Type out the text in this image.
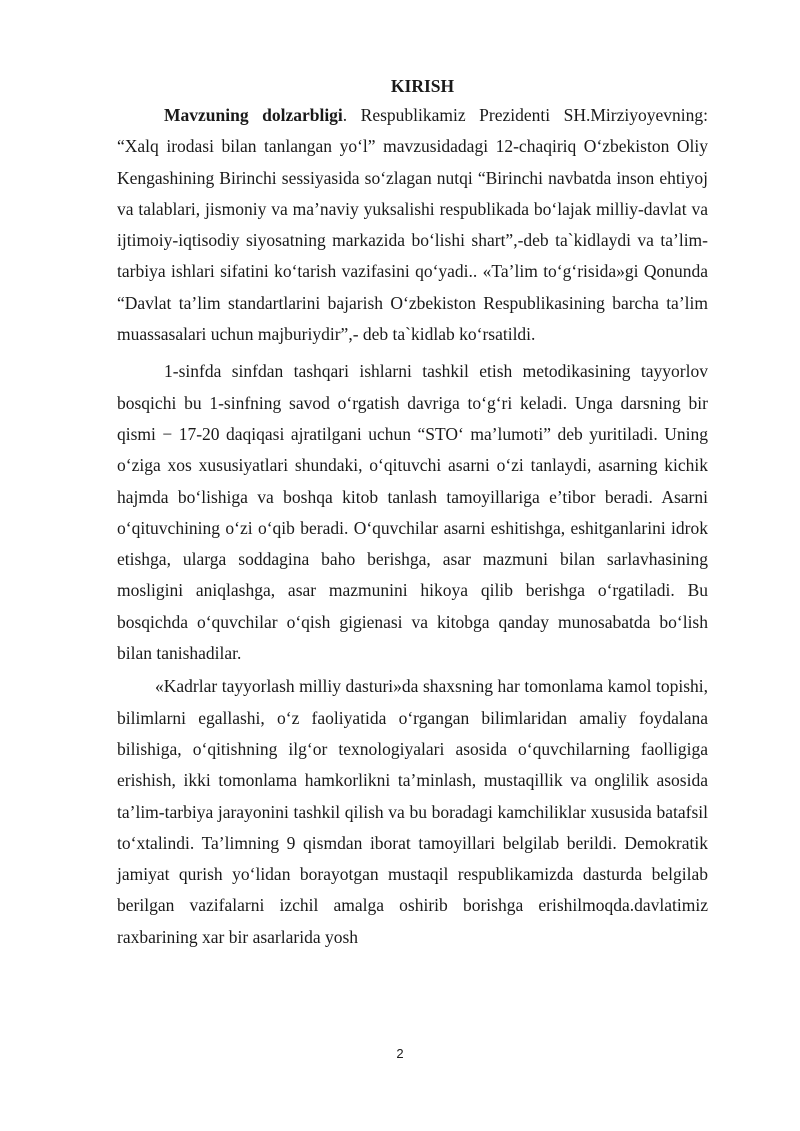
KIRISH

Mavzuning dolzarbligi. Respublikamiz Prezidenti SH.Mirziyoyevning: “Xalq irodasi bilan tanlangan yo‘l” mavzusidadagi 12-chaqiriq O‘zbekiston Oliy Kengashining Birinchi sessiyasida so‘zlagan nutqi “Birinchi navbatda inson ehtiyoj va talablari, jismoniy va ma’naviy yuksalishi respublikada bo‘lajak milliy-davlat va ijtimoiy-iqtisodiy siyosatning markazida bo‘lishi shart”,-deb ta`kidlaydi va ta’lim-tarbiya ishlari sifatini ko‘tarish vazifasini qo‘yadi.. «Ta’lim to‘g‘risida»gi Qonunda “Davlat ta’lim standartlarini bajarish O‘zbekiston Respublikasining barcha ta’lim muassasalari uchun majburiydir”,- deb ta`kidlab ko‘rsatildi.

1-sinfda sinfdan tashqari ishlarni tashkil etish metodikasining tayyorlov bosqichi bu 1-sinfning savod o‘rgatish davriga to‘g‘ri keladi. Unga darsning bir qismi − 17-20 daqiqasi ajratilgani uchun “STO‘ ma’lumoti” deb yuritiladi. Uning o‘ziga xos xususiyatlari shundaki, o‘qituvchi asarni o‘zi tanlaydi, asarning kichik hajmda bo‘lishiga va boshqa kitob tanlash tamoyillariga e’tibor beradi. Asarni o‘qituvchining o‘zi o‘qib beradi. O‘quvchilar asarni eshitishga, eshitganlarini idrok etishga, ularga soddagina baho berishga, asar mazmuni bilan sarlavhasining mosligini aniqlashga, asar mazmunini hikoya qilib berishga o‘rgatiladi. Bu bosqichda o‘quvchilar o‘qish gigienasi va kitobga qanday munosabatda bo‘lish bilan tanishadilar.

«Kadrlar tayyorlash milliy dasturi»da shaxsning har tomonlama kamol topishi, bilimlarni egallashi, o‘z faoliyatida o‘rgangan bilimlaridan amaliy foydalana bilishiga, o‘qitishning ilg‘or texnologiyalari asosida o‘quvchilarning faolligiga erishish, ikki tomonlama hamkorlikni ta’minlash, mustaqillik va onglilik asosida ta’lim-tarbiya jarayonini tashkil qilish va bu boradagi kamchiliklar xususida batafsil to‘xtalindi. Ta’limning 9 qismdan iborat tamoyillari belgilab berildi. Demokratik jamiyat qurish yo‘lidan borayotgan mustaqil respublikamizda dasturda belgilab berilgan vazifalarni izchil amalga oshirib borishga erishilmoqda.davlatimiz raxbarining xar bir asarlarida yosh

2
